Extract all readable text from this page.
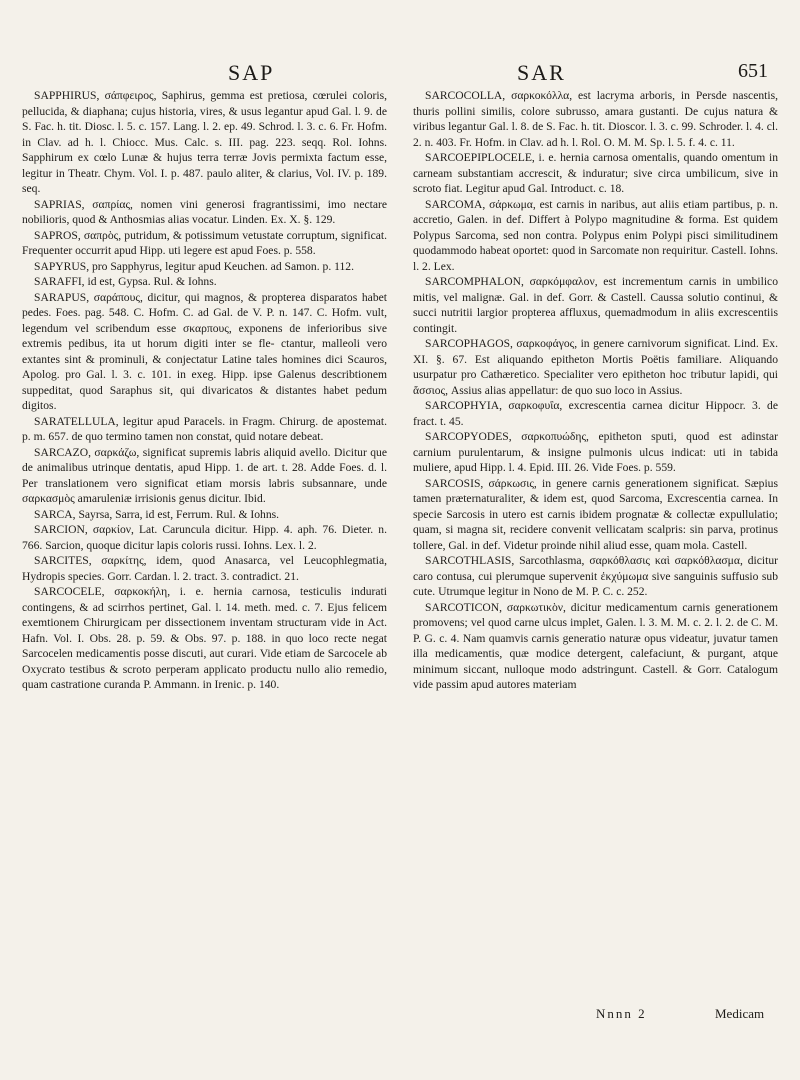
SAP	SAR	651

SAPPHIRUS, σάπφειρος, Saphirus, gemma est pretiosa, cœrulei coloris, pellucida, & diaphana; cujus historia, vires, & usus legantur apud Gal. l. 9. de S. Fac. h. tit. Diosc. l. 5. c. 157. Lang. l. 2. ep. 49. Schrod. l. 3. c. 6. Fr. Hofm. in Clav. ad h. l. Chiocc. Mus. Calc. s. III. pag. 223. seqq. Rol. Iohns. Sapphirum ex cœlo Lunæ & hujus terra terræ Jovis permixta factum esse, legitur in Theatr. Chym. Vol. I. p. 487. paulo aliter, & clarius, Vol. IV. p. 189. seq.

SAPRIAS, σαπρίας, nomen vini generosi fragrantissimi, imo nectare nobilioris, quod & Anthosmias alias vocatur. Linden. Ex. X. §. 129.

SAPROS, σαπρὸς, putridum, & potissimum vetustate corruptum, significat. Frequenter occurrit apud Hipp. uti legere est apud Foes. p. 558.

SAPYRUS, pro Sapphyrus, legitur apud Keuchen. ad Samon. p. 112.

SARAFFI, id est, Gypsa. Rul. & Iohns.

SARAPUS, σαράπους, dicitur, qui magnos, & propterea disparatos habet pedes. Foes. pag. 548. C. Hofm. C. ad Gal. de V. P. n. 147. C. Hofm. vult, legendum vel scribendum esse σκαρπους, exponens de inferioribus sive extremis pedibus, ita ut horum digiti inter se fle- ctantur, malleoli vero extantes sint & prominuli, & conjectatur Latine tales homines dici Scauros, Apolog. pro Gal. l. 3. c. 101. in exeg. Hipp. ipse Galenus describtionem suppeditat, quod Saraphus sit, qui divaricatos & distantes habet pedum digitos.

SARATELLULA, legitur apud Paracels. in Fragm. Chirurg. de apostemat. p. m. 657. de quo termino tamen non constat, quid notare debeat.

SARCAZO, σαρκάζω, significat supremis labris aliquid avello. Dicitur que de animalibus utrinque dentatis, apud Hipp. 1. de art. t. 28. Adde Foes. d. l. Per translationem vero significat etiam morsis labris subsannare, unde σαρκασμὸς amaruleniæ irrisionis genus dicitur. Ibid.

SARCA, Sayrsa, Sarra, id est, Ferrum. Rul. & Iohns.

SARCION, σαρκίον, Lat. Caruncula dicitur. Hipp. 4. aph. 76. Dieter. n. 766. Sarcion, quoque dicitur lapis coloris russi. Iohns. Lex. l. 2.

SARCITES, σαρκίτης, idem, quod Anasarca, vel Leucophlegmatia, Hydropis species. Gorr. Cardan. l. 2. tract. 3. contradict. 21.

SARCOCELE, σαρκοκήλη, i. e. hernia carnosa, testiculis indurati contingens, & ad scirrhos pertinet, Gal. l. 14. meth. med. c. 7. Ejus felicem exemtionem Chirurgicam per dissectionem inventam structuram vide in Act. Hafn. Vol. I. Obs. 28. p. 59. & Obs. 97. p. 188. in quo loco recte negat Sarcocelen medicamentis posse discuti, aut curari. Vide etiam de Sarcocele ab Oxycrato testibus & scroto perperam applicato productu nullo alio remedio, quam castratione curanda P. Ammann. in Irenic. p. 140.

SARCOCOLLA, σαρκοκόλλα, est lacryma arboris, in Persde nascentis, thuris pollini similis, colore subrusso, amara gustanti. De cujus natura & viribus legantur Gal. l. 8. de S. Fac. h. tit. Dioscor. l. 3. c. 99. Schroder. l. 4. cl. 2. n. 403. Fr. Hofm. in Clav. ad h. l. Rol. O. M. M. Sp. l. 5. f. 4. c. 11.

SARCOEPIPLOCELE, i. e. hernia carnosa omentalis, quando omentum in carneam substantiam accrescit, & induratur; sive circa umbilicum, sive in scroto fiat. Legitur apud Gal. Introduct. c. 18.

SARCOMA, σάρκωμα, est carnis in naribus, aut aliis etiam partibus, p. n. accretio, Galen. in def. Differt à Polypo magnitudine & forma. Est quidem Polypus Sarcoma, sed non contra. Polypus enim Polypi pisci similitudinem quodammodo habeat oportet: quod in Sarcomate non requiritur. Castell. Iohns. l. 2. Lex.

SARCOMPHALON, σαρκόμφαλον, est incrementum carnis in umbilico mitis, vel malignæ. Gal. in def. Gorr. & Castell. Caussa solutio continui, & succi nutritii largior propterea affluxus, quemadmodum in aliis excrescentiis contingit.

SARCOPHAGOS, σαρκοφάγος, in genere carnivorum significat. Lind. Ex. XI. §. 67. Est aliquando epitheton Mortis Poëtis familiare. Aliquando usurpatur pro Cathæretico. Specialiter vero epitheton hoc tributur lapidi, qui ἄσσιος, Assius alias appellatur: de quo suo loco in Assius.

SARCOPHYIA, σαρκοφυΐα, excrescentia carnea dicitur Hippocr. 3. de fract. t. 45.

SARCOPYODES, σαρκοπυώδης, epitheton sputi, quod est adinstar carnium purulentarum, & insigne pulmonis ulcus indicat: uti in tabida muliere, apud Hipp. l. 4. Epid. III. 26. Vide Foes. p. 559.

SARCOSIS, σάρκωσις, in genere carnis generationem significat. Sæpius tamen præternaturaliter, & idem est, quod Sarcoma, Excrescentia carnea. In specie Sarcosis in utero est carnis ibidem prognatæ & collectæ expullulatio; quam, si magna sit, recidere convenit vellicatam scalpris: sin parva, protinus tollere, Gal. in def. Videtur proinde nihil aliud esse, quam mola. Castell.

SARCOTHLASIS, Sarcothlasma, σαρκόθλασις καὶ σαρκόθλασμα, dicitur caro contusa, cui plerumque supervenit ἐκχύμωμα sive sanguinis suffusio sub cute. Utrumque legitur in Nono de M. P. C. c. 252.

SARCOTICON, σαρκωτικὸν, dicitur medicamentum carnis generationem promovens; vel quod carne ulcus implet, Galen. l. 3. M. M. c. 2. l. 2. de C. M. P. G. c. 4. Nam quamvis carnis generatio naturæ opus videatur, juvatur tamen illa medicamentis, quæ modice detergent, calefaciunt, & purgant, atque minimum siccant, nulloque modo adstringunt. Castell. & Gorr. Catalogum vide passim apud autores materiam

Nnnn 2	Medicam
